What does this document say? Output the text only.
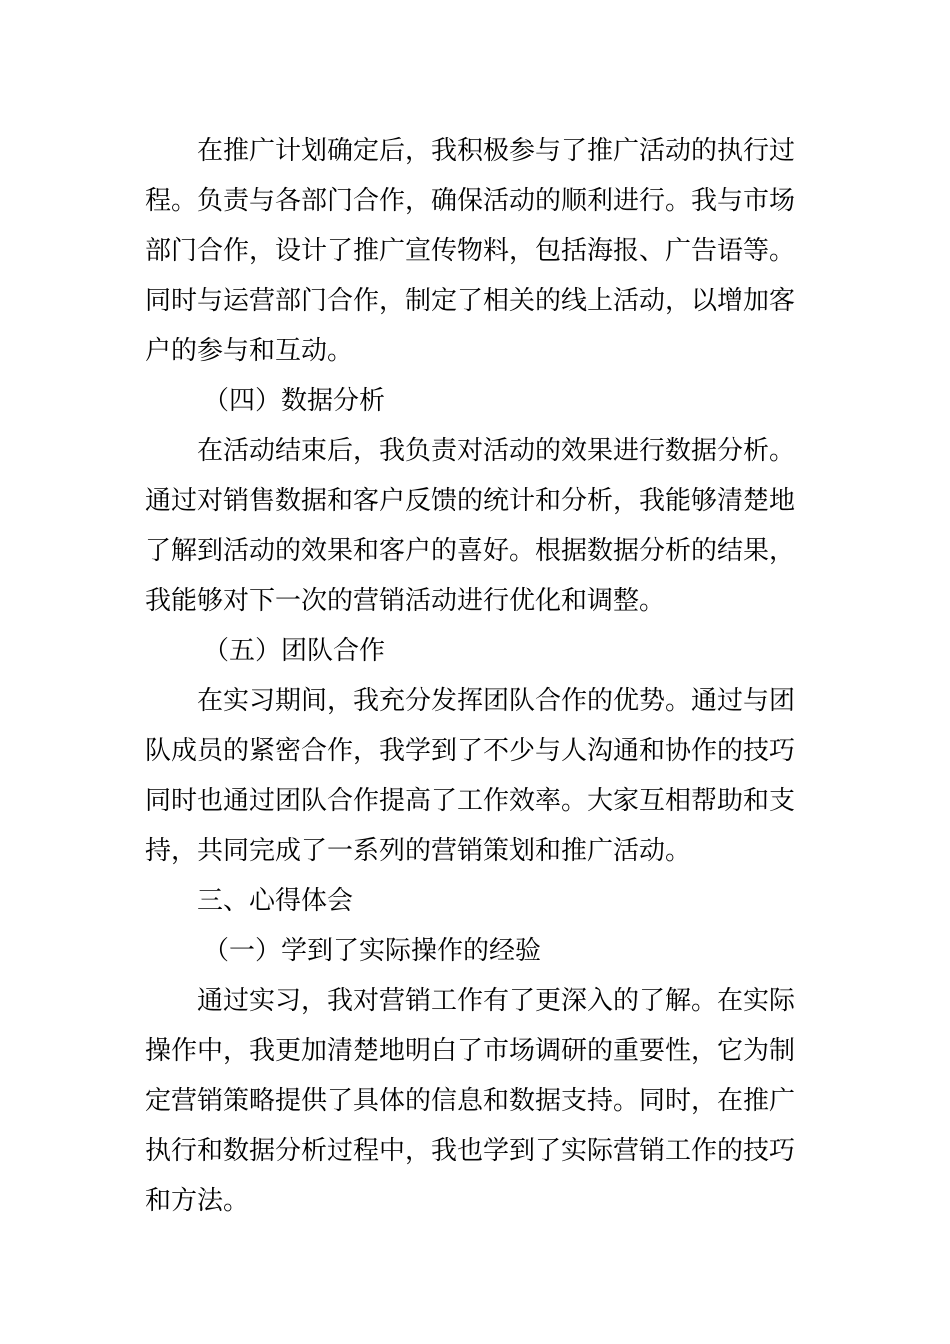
在推广计划确定后，我积极参与了推广活动的执行过
程。负责与各部门合作，确保活动的顺利进行。我与市场
部门合作，设计了推广宣传物料，包括海报、广告语等。
同时与运营部门合作，制定了相关的线上活动，以增加客
户的参与和互动。

（四）数据分析

在活动结束后，我负责对活动的效果进行数据分析。
通过对销售数据和客户反馈的统计和分析，我能够清楚地
了解到活动的效果和客户的喜好。根据数据分析的结果，
我能够对下一次的营销活动进行优化和调整。

（五）团队合作

在实习期间，我充分发挥团队合作的优势。通过与团
队成员的紧密合作，我学到了不少与人沟通和协作的技巧
同时也通过团队合作提高了工作效率。大家互相帮助和支
持，共同完成了一系列的营销策划和推广活动。

三、心得体会

（一）学到了实际操作的经验

通过实习，我对营销工作有了更深入的了解。在实际
操作中，我更加清楚地明白了市场调研的重要性，它为制
定营销策略提供了具体的信息和数据支持。同时，在推广
执行和数据分析过程中，我也学到了实际营销工作的技巧
和方法。
